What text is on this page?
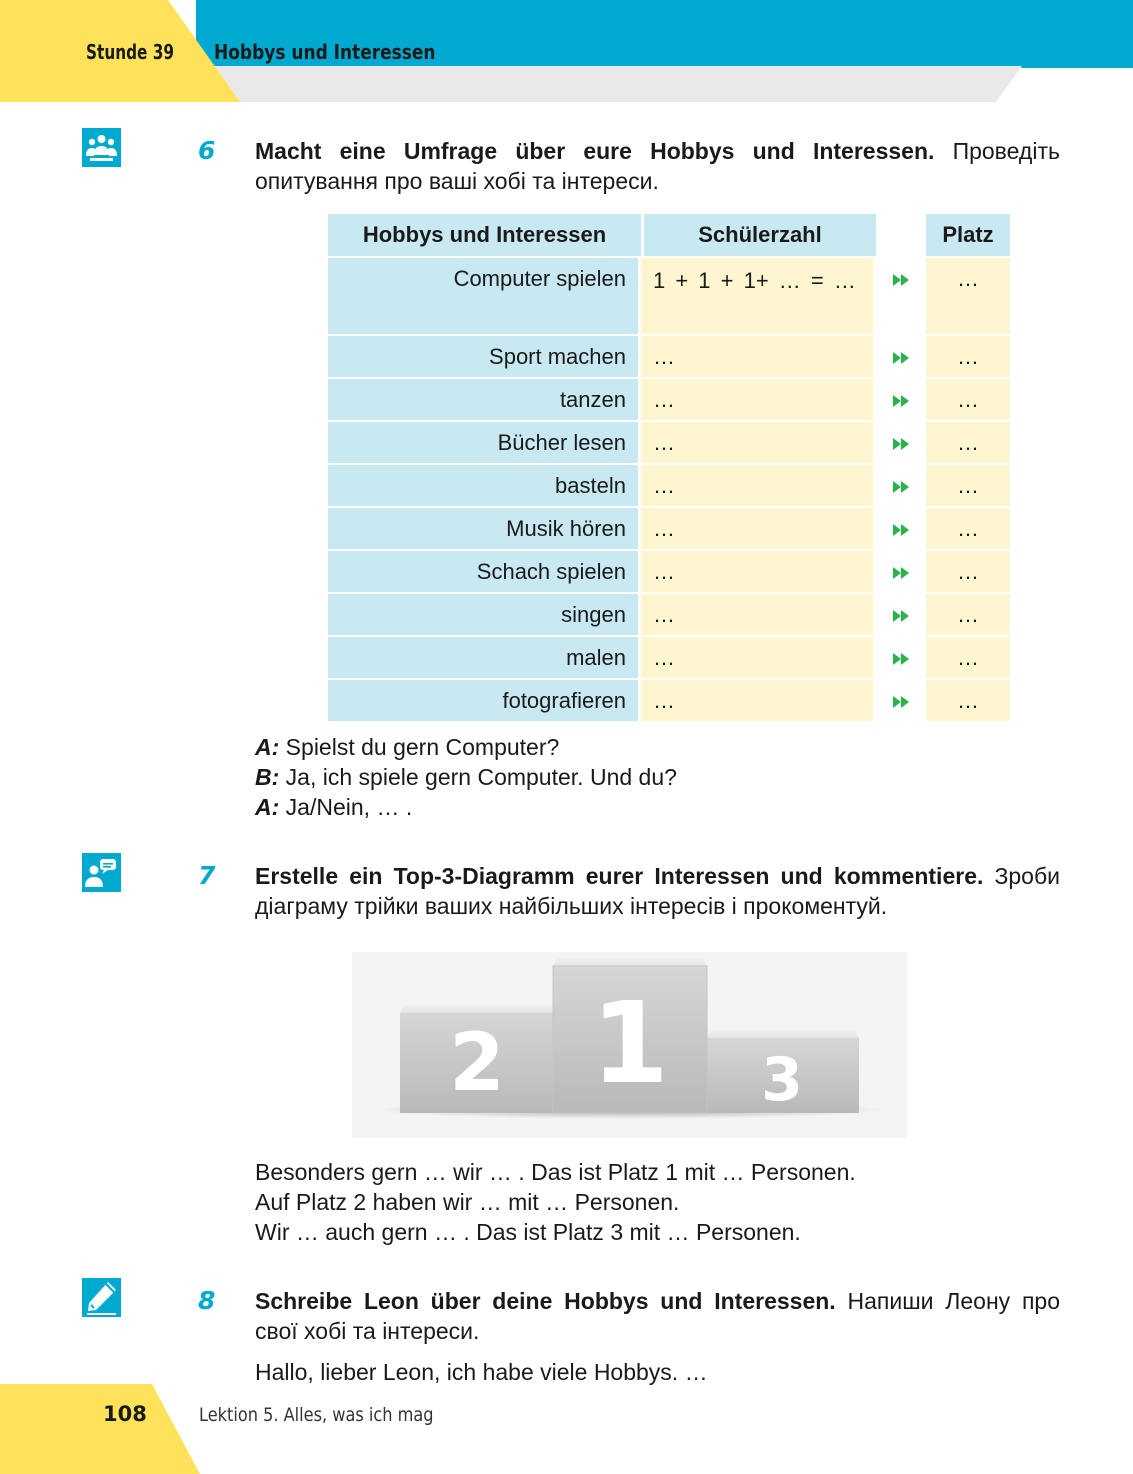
Stunde 39 Hobbys und Interessen
6 Macht eine Umfrage über eure Hobbys und Interessen. Проведіть опитування про ваші хобі та інтереси.
Hobbys und Interessen	Schülerzahl		Platz
Computer spielen	1 + 1 + 1+ … = …		…
Sport machen	…		…
tanzen	…		…
Bücher lesen	…		…
basteln	…		…
Musik hören	…		…
Schach spielen	…		…
singen	…		…
malen	…		…
fotografieren	…		…
A: Spielst du gern Computer?
B: Ja, ich spiele gern Computer. Und du?
A: Ja/Nein, … .
7 Erstelle ein Top-3-Diagramm eurer Interessen und kommentiere. Зроби діаграму трійки ваших найбільших інтересів і прокоментуй.
2 1 3
Besonders gern … wir … . Das ist Platz 1 mit … Personen.
Auf Platz 2 haben wir … mit … Personen.
Wir … auch gern … . Das ist Platz 3 mit … Personen.
8 Schreibe Leon über deine Hobbys und Interessen. Напиши Леону про свої хобі та інтереси.
Hallo, lieber Leon, ich habe viele Hobbys. …
108	Lektion 5. Alles, was ich mag
